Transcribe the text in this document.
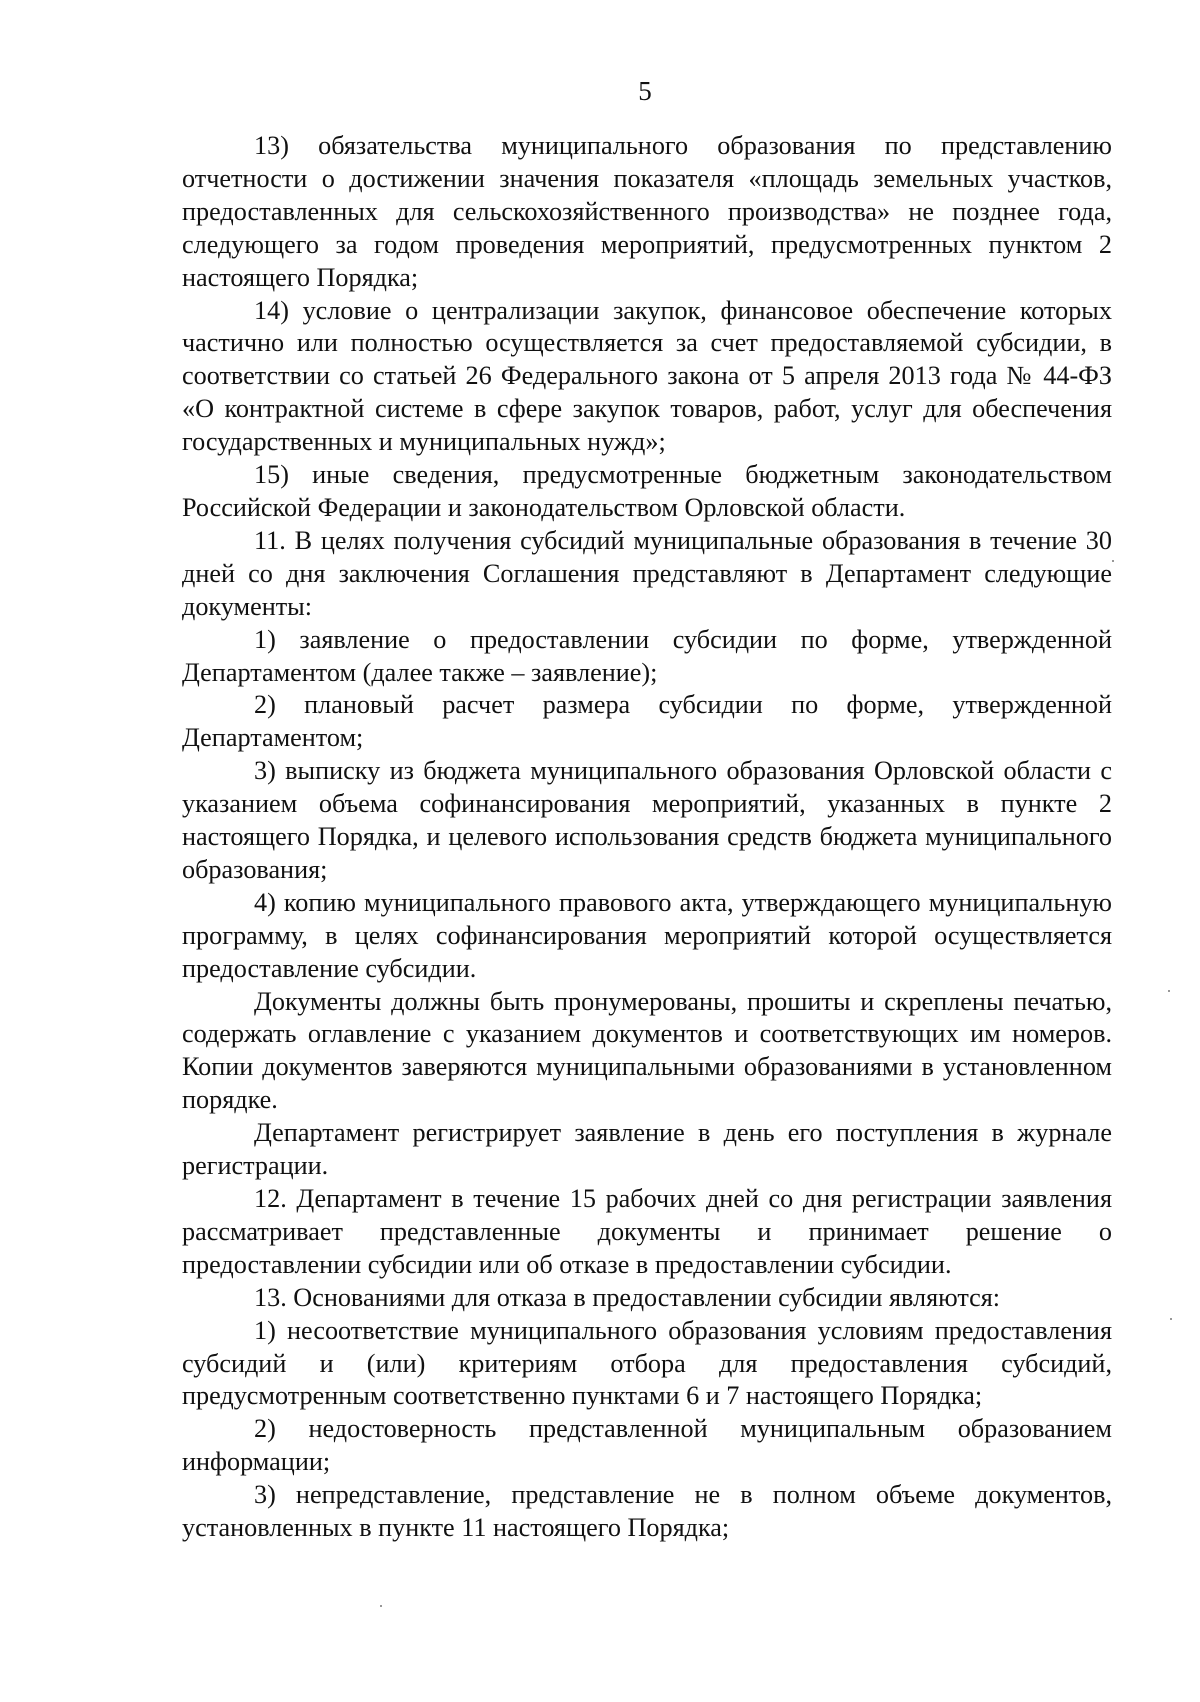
5

13) обязательства муниципального образования по представлению отчетности о достижении значения показателя «площадь земельных участков, предоставленных для сельскохозяйственного производства» не позднее года, следующего за годом проведения мероприятий, предусмотренных пунктом 2 настоящего Порядка;

14) условие о централизации закупок, финансовое обеспечение которых частично или полностью осуществляется за счет предоставляемой субсидии, в соответствии со статьей 26 Федерального закона от 5 апреля 2013 года № 44-ФЗ «О контрактной системе в сфере закупок товаров, работ, услуг для обеспечения государственных и муниципальных нужд»;

15) иные сведения, предусмотренные бюджетным законодательством Российской Федерации и законодательством Орловской области.

11. В целях получения субсидий муниципальные образования в течение 30 дней со дня заключения Соглашения представляют в Департамент следующие документы:

1) заявление о предоставлении субсидии по форме, утвержденной Департаментом (далее также – заявление);

2) плановый расчет размера субсидии по форме, утвержденной Департаментом;

3) выписку из бюджета муниципального образования Орловской области с указанием объема софинансирования мероприятий, указанных в пункте 2 настоящего Порядка, и целевого использования средств бюджета муниципального образования;

4) копию муниципального правового акта, утверждающего муниципальную программу, в целях софинансирования мероприятий которой осуществляется предоставление субсидии.

Документы должны быть пронумерованы, прошиты и скреплены печатью, содержать оглавление с указанием документов и соответствующих им номеров. Копии документов заверяются муниципальными образованиями в установленном порядке.

Департамент регистрирует заявление в день его поступления в журнале регистрации.

12. Департамент в течение 15 рабочих дней со дня регистрации заявления рассматривает представленные документы и принимает решение о предоставлении субсидии или об отказе в предоставлении субсидии.

13. Основаниями для отказа в предоставлении субсидии являются:

1) несоответствие муниципального образования условиям предоставления субсидий и (или) критериям отбора для предоставления субсидий, предусмотренным соответственно пунктами 6 и 7 настоящего Порядка;

2) недостоверность представленной муниципальным образованием информации;

3) непредставление, представление не в полном объеме документов, установленных в пункте 11 настоящего Порядка;
